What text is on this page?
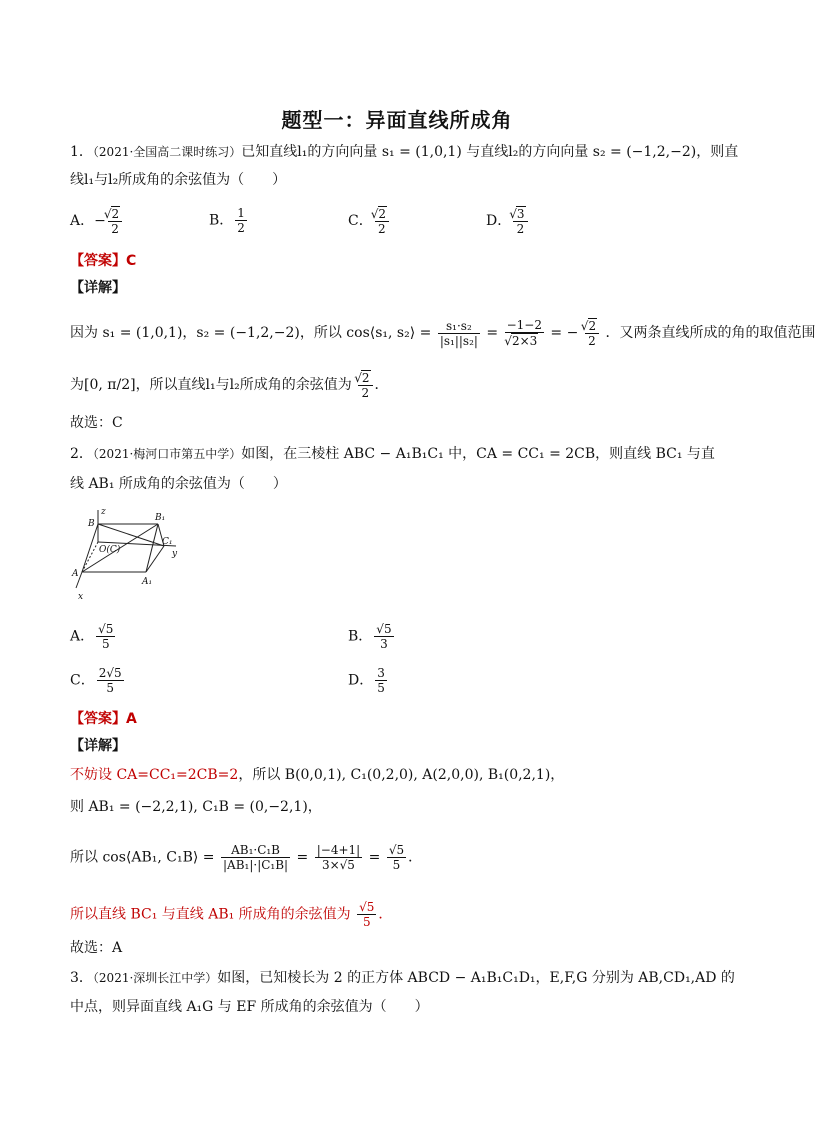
题型一：异面直线所成角
1．（2021·全国高二课时练习）已知直线l₁的方向向量 s₁ = (1,0,1) 与直线l₂的方向向量 s₂ = (−1,2,−2)，则直
线l₁与l₂所成角的余弦值为（　　）
A．− √ $\frac{2}{2}$	B． $\frac{1}{2}$	C． √ $\frac{2}{2}$	D． √ $\frac{3}{2}$
【答案】C
【详解】
因为 s₁ = (1,0,1)，s₂ = (−1,2,−2)，所以 cos⟨s₁, s₂⟩ = $\frac{\text{s₁·s₂}}{\text{|s₁||s₂|}} = -1-2$
√ 2×3 = − √ $\frac{2}{2}$ ．又两条直线所成的角的取值范围
为[0, π/2]，所以直线l₁与l₂所成角的余弦值为 √ $\frac{2}{2}$ ．
故选：C
2．（2021·梅河口市第五中学）如图，在三棱柱 ABC − A₁B₁C₁ 中，CA = CC₁ = 2CB，则直线 BC₁ 与直
线 AB₁ 所成角的余弦值为（　　）
z
B
B₁
O(C)
C₁
y
A
A₁
x
A． $\frac{√5}{5}$	B． $\frac{√5}{3}$
C． $\frac{2√5}{5}$	D． $\frac{3}{5}$
【答案】A
【详解】
不妨设 CA=CC₁=2CB=2，所以 B(0,0,1), C₁(0,2,0), A(2,0,0), B₁(0,2,1)，
则 AB₁ = (−2,2,1), C₁B = (0,−2,1)，
所以 cos⟨AB₁, C₁B⟩ = $\frac{\text{AB₁·C₁B}}{\text{|AB₁|·|C₁B|}} = \frac{|-4+1|}{3\times√5} = \frac{√5}{5}$ ．
所以直线 BC₁ 与直线 AB₁ 所成角的余弦值为 $\frac{√5}{5}$ ．
故选：A
3．（2021·深圳长江中学）如图，已知棱长为 2 的正方体 ABCD − A₁B₁C₁D₁，E,F,G 分别为 AB,CD₁,AD 的
中点，则异面直线 A₁G 与 EF 所成角的余弦值为（　　）
